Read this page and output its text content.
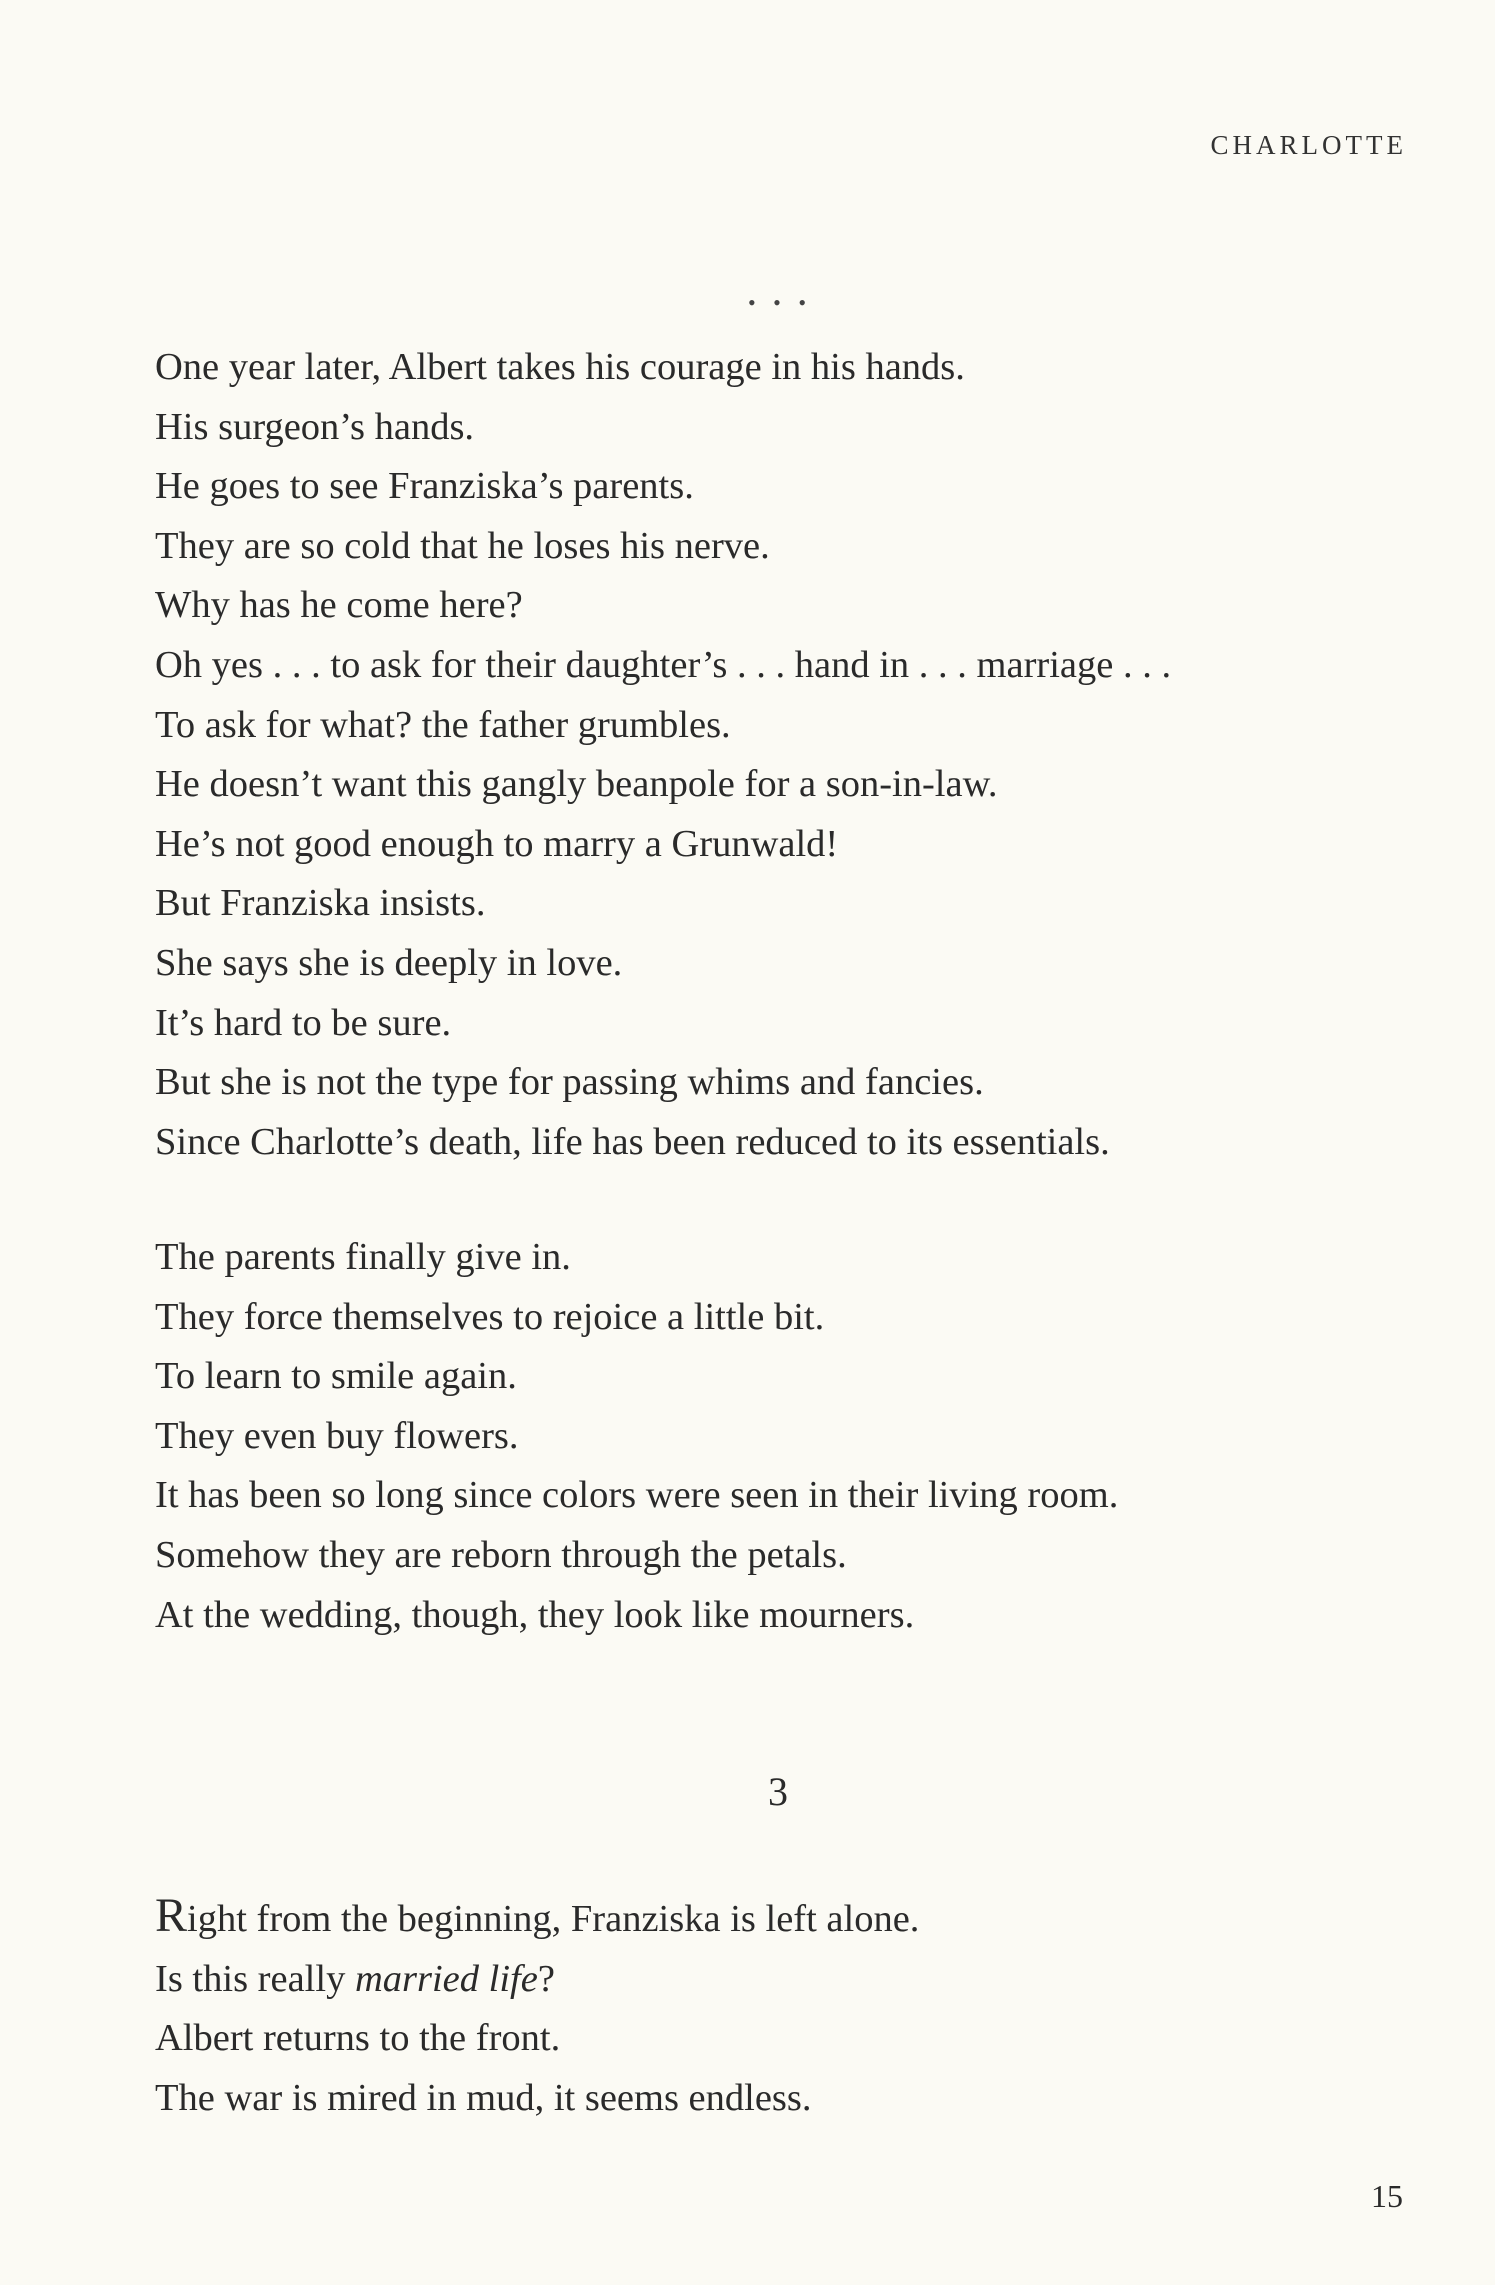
CHARLOTTE
• • •
One year later, Albert takes his courage in his hands.
His surgeon’s hands.
He goes to see Franziska’s parents.
They are so cold that he loses his nerve.
Why has he come here?
Oh yes . . . to ask for their daughter’s . . . hand in . . . marriage . . .
To ask for what? the father grumbles.
He doesn’t want this gangly beanpole for a son-in-law.
He’s not good enough to marry a Grunwald!
But Franziska insists.
She says she is deeply in love.
It’s hard to be sure.
But she is not the type for passing whims and fancies.
Since Charlotte’s death, life has been reduced to its essentials.
The parents finally give in.
They force themselves to rejoice a little bit.
To learn to smile again.
They even buy flowers.
It has been so long since colors were seen in their living room.
Somehow they are reborn through the petals.
At the wedding, though, they look like mourners.
3
Right from the beginning, Franziska is left alone.
Is this really married life?
Albert returns to the front.
The war is mired in mud, it seems endless.
15
